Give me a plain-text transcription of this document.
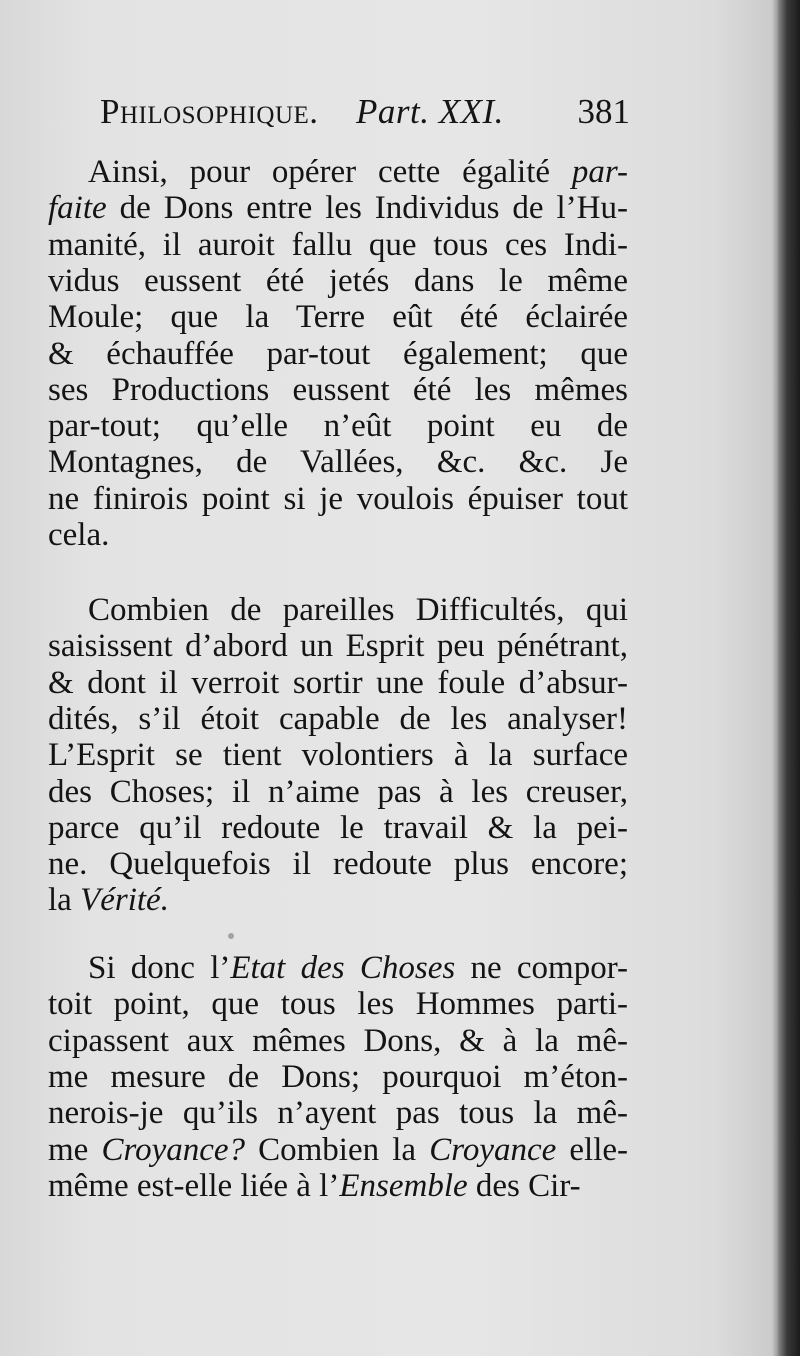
Philosophique. Part. XXI. 381

Ainsi, pour opérer cette égalité par-

faite de Dons entre les Individus de l’Hu-

manité, il auroit fallu que tous ces Indi-

vidus eussent été jetés dans le même

Moule; que la Terre eût été éclairée

& échauffée par-tout également; que

ses Productions eussent été les mêmes

par-tout; qu’elle n’eût point eu de

Montagnes, de Vallées, &c. &c. Je

ne finirois point si je voulois épuiser tout

cela.

Combien de pareilles Difficultés, qui

saisissent d’abord un Esprit peu pénétrant,

& dont il verroit sortir une foule d’absur-

dités, s’il étoit capable de les analyser!

L’Esprit se tient volontiers à la surface

des Choses; il n’aime pas à les creuser,

parce qu’il redoute le travail & la pei-

ne. Quelquefois il redoute plus encore;

la Vérité.

Si donc l’Etat des Choses ne compor-

toit point, que tous les Hommes parti-

cipassent aux mêmes Dons, & à la mê-

me mesure de Dons; pourquoi m’éton-

nerois-je qu’ils n’ayent pas tous la mê-

me Croyance? Combien la Croyance elle-

même est-elle liée à l’Ensemble des Cir-
